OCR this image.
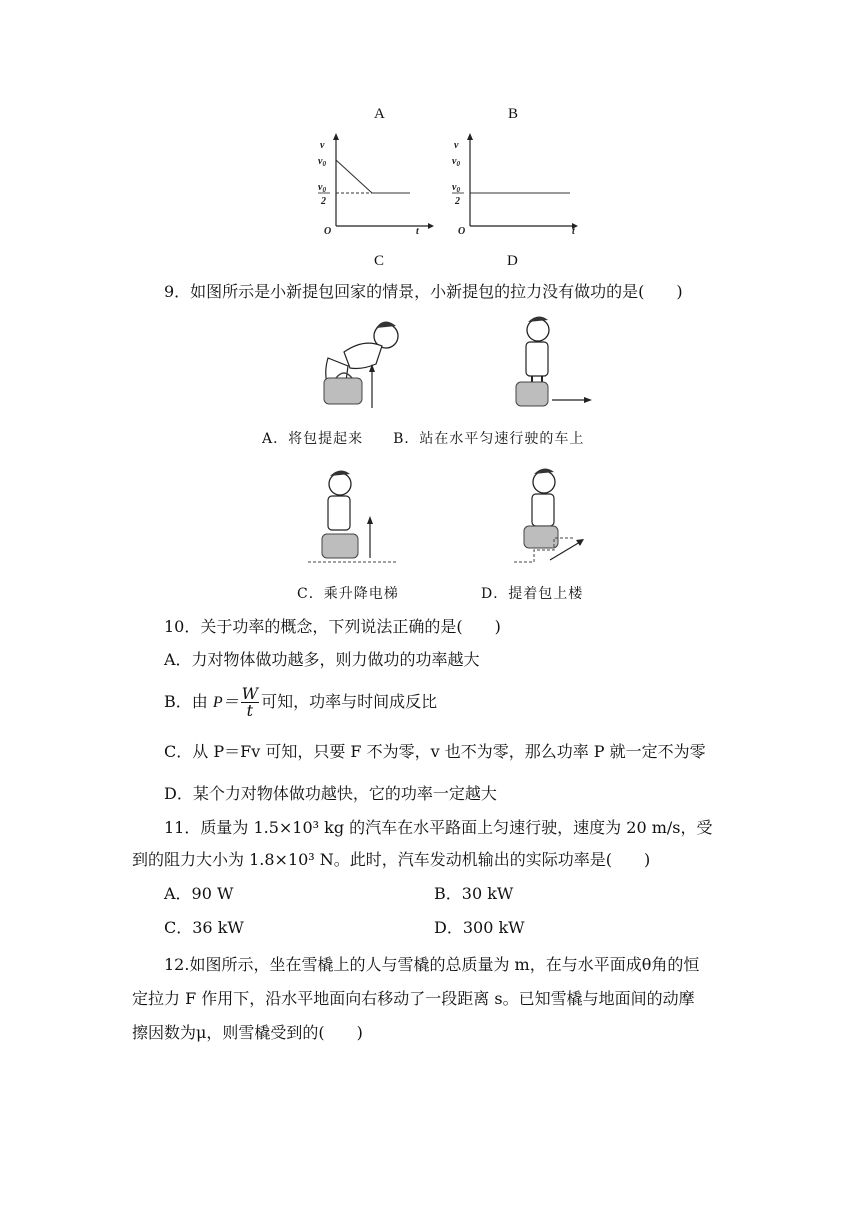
A	B
v
$v_0$
$v_0$
2
O	t
v
$v_0$
$v_0$
2
O	t
C	D
9．如图所示是小新提包回家的情景，小新提包的拉力没有做功的是(　　)
A．将包提起来　　B．站在水平匀速行驶的车上
C．乘升降电梯	D．提着包上楼
10．关于功率的概念，下列说法正确的是(　　)
A．力对物体做功越多，则力做功的功率越大
B．由 $P= \frac{W}{t}$ 可知，功率与时间成反比
C．从 P＝Fv 可知，只要 F 不为零，v 也不为零，那么功率 P 就一定不为零
D．某个力对物体做功越快，它的功率一定越大
11．质量为 1.5×10³ kg 的汽车在水平路面上匀速行驶，速度为 20 m/s，受
到的阻力大小为 1.8×10³ N。此时，汽车发动机输出的实际功率是(　　)
A．90 W	B．30 kW
C．36 kW	D．300 kW
12.如图所示，坐在雪橇上的人与雪橇的总质量为 m，在与水平面成θ角的恒
定拉力 F 作用下，沿水平地面向右移动了一段距离 s。已知雪橇与地面间的动摩
擦因数为μ，则雪橇受到的(　　)
